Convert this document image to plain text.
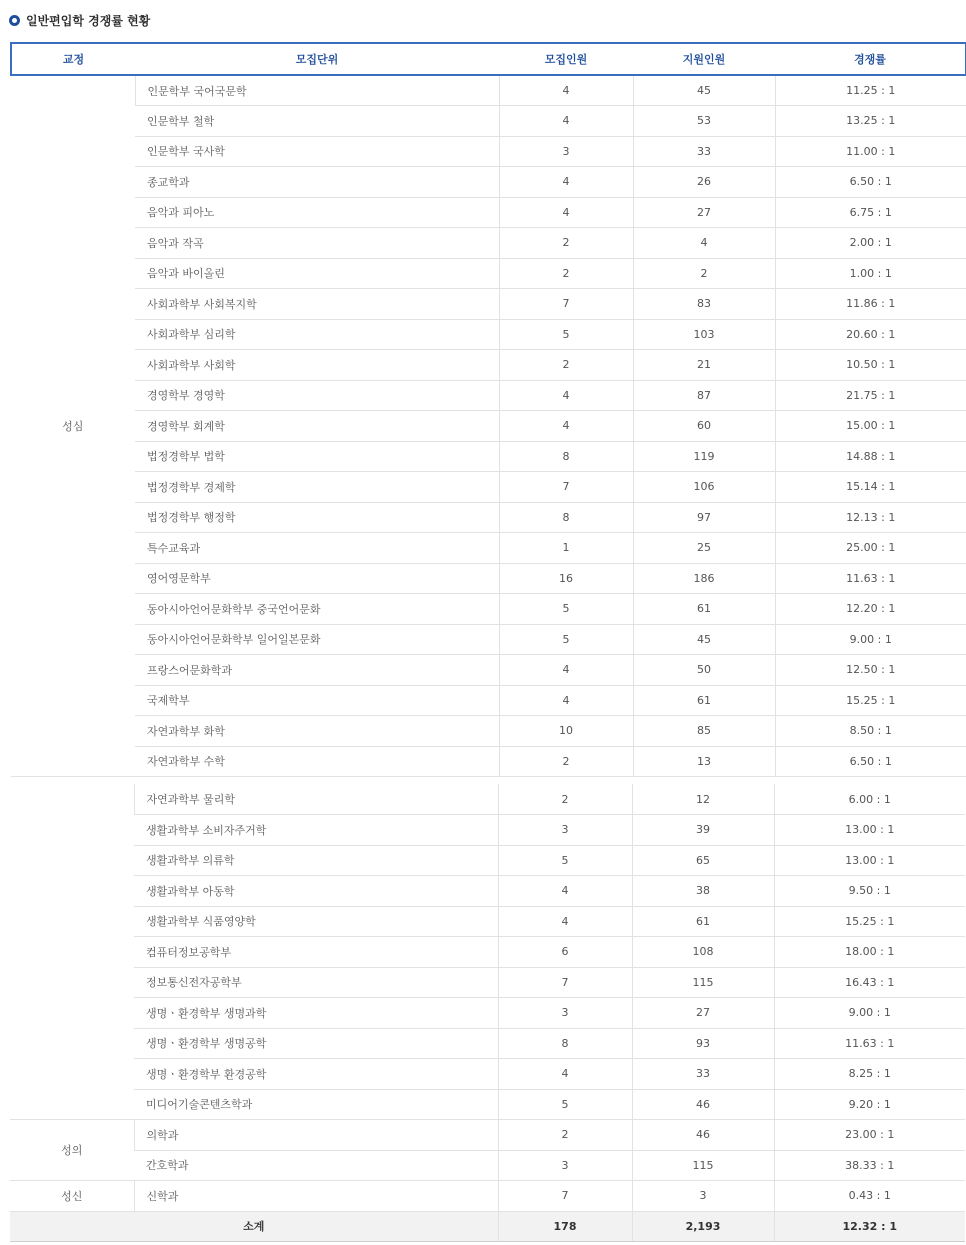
일반편입학 경쟁률 현황
교정	모집단위	모집인원	지원인원	경쟁률
성심	인문학부 국어국문학	4	45	11.25 : 1
	인문학부 철학	4	53	13.25 : 1
	인문학부 국사학	3	33	11.00 : 1
	종교학과	4	26	6.50 : 1
	음악과 피아노	4	27	6.75 : 1
	음악과 작곡	2	4	2.00 : 1
	음악과 바이올린	2	2	1.00 : 1
	사회과학부 사회복지학	7	83	11.86 : 1
	사회과학부 심리학	5	103	20.60 : 1
	사회과학부 사회학	2	21	10.50 : 1
	경영학부 경영학	4	87	21.75 : 1
	경영학부 회계학	4	60	15.00 : 1
	법정경학부 법학	8	119	14.88 : 1
	법정경학부 경제학	7	106	15.14 : 1
	법정경학부 행정학	8	97	12.13 : 1
	특수교육과	1	25	25.00 : 1
	영어영문학부	16	186	11.63 : 1
	동아시아언어문화학부 중국언어문화	5	61	12.20 : 1
	동아시아언어문화학부 일어일본문화	5	45	9.00 : 1
	프랑스어문화학과	4	50	12.50 : 1
	국제학부	4	61	15.25 : 1
	자연과학부 화학	10	85	8.50 : 1
	자연과학부 수학	2	13	6.50 : 1
	자연과학부 물리학	2	12	6.00 : 1
	생활과학부 소비자주거학	3	39	13.00 : 1
	생활과학부 의류학	5	65	13.00 : 1
	생활과학부 아동학	4	38	9.50 : 1
	생활과학부 식품영양학	4	61	15.25 : 1
	컴퓨터정보공학부	6	108	18.00 : 1
	정보통신전자공학부	7	115	16.43 : 1
	생명ㆍ환경학부 생명과학	3	27	9.00 : 1
	생명ㆍ환경학부 생명공학	8	93	11.63 : 1
	생명ㆍ환경학부 환경공학	4	33	8.25 : 1
	미디어기술콘텐츠학과	5	46	9.20 : 1
성의	의학과	2	46	23.00 : 1
	간호학과	3	115	38.33 : 1
성신	신학과	7	3	0.43 : 1
소계		178	2,193	12.32 : 1
